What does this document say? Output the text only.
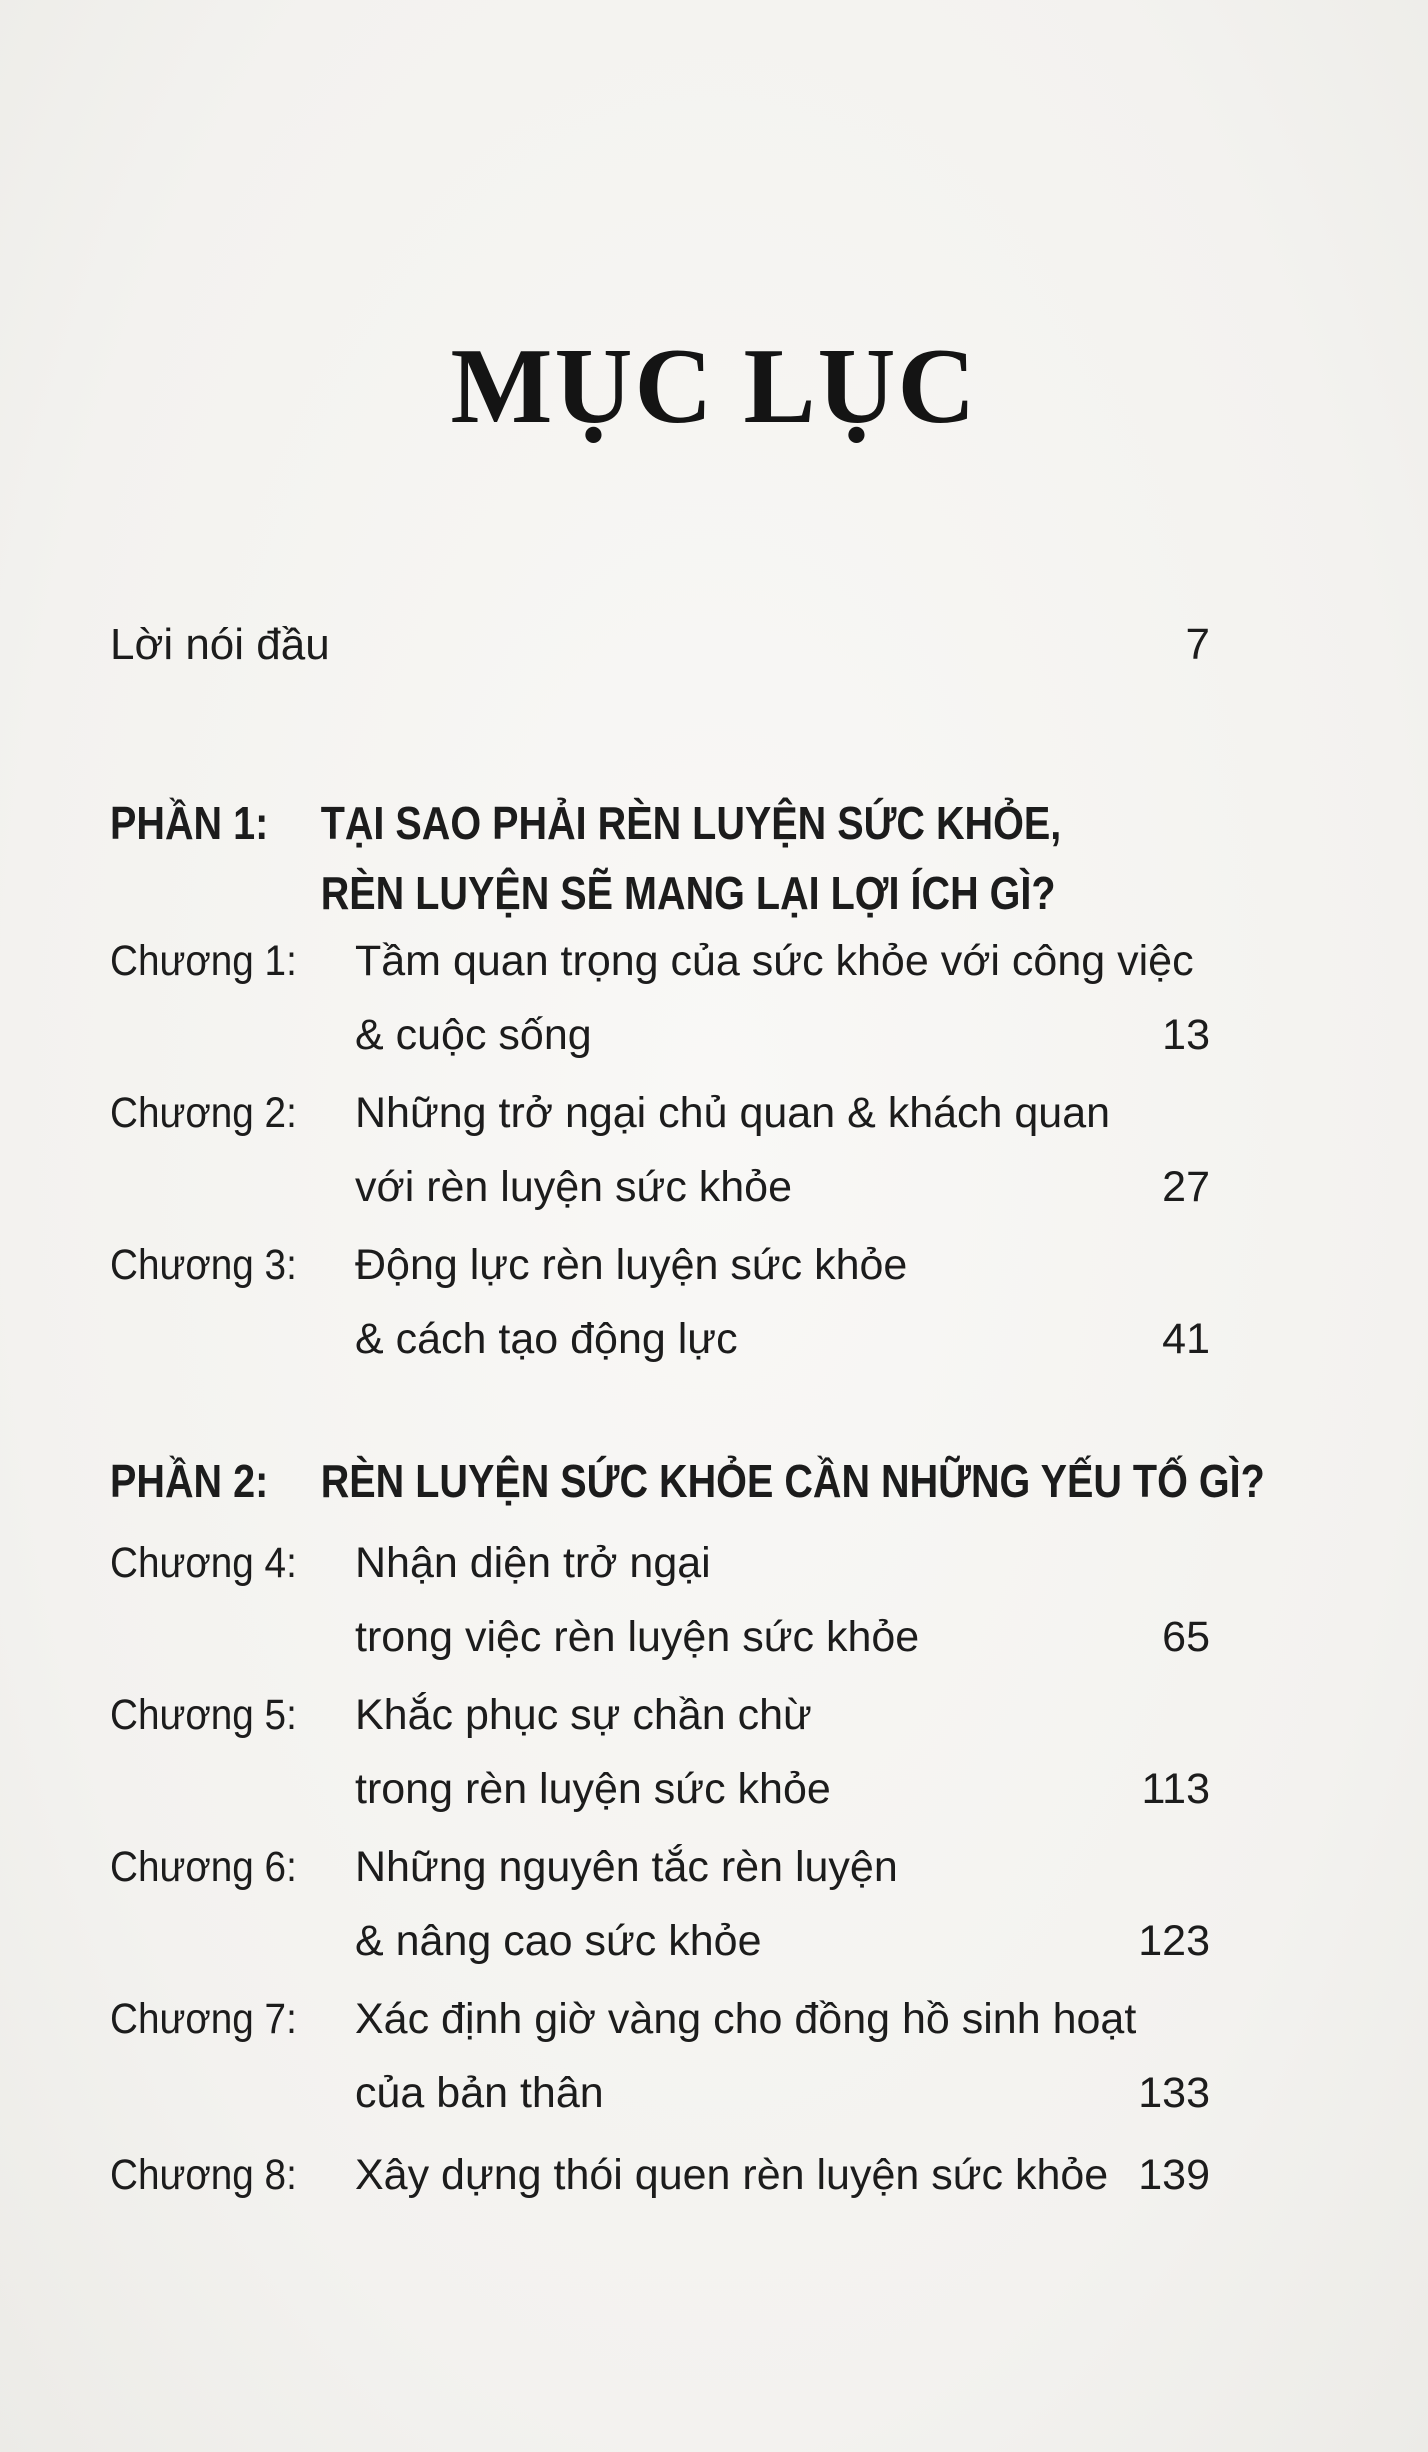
MỤC LỤC
Lời nói đầu	7
PHẦN 1: TẠI SAO PHẢI RÈN LUYỆN SỨC KHỎE,
RÈN LUYỆN SẼ MANG LẠI LỢI ÍCH GÌ?
Chương 1: Tầm quan trọng của sức khỏe với công việc
& cuộc sống	13
Chương 2: Những trở ngại chủ quan & khách quan
với rèn luyện sức khỏe	27
Chương 3: Động lực rèn luyện sức khỏe
& cách tạo động lực	41
PHẦN 2: RÈN LUYỆN SỨC KHỎE CẦN NHỮNG YẾU TỐ GÌ?
Chương 4: Nhận diện trở ngại
trong việc rèn luyện sức khỏe	65
Chương 5: Khắc phục sự chần chừ
trong rèn luyện sức khỏe	113
Chương 6: Những nguyên tắc rèn luyện
& nâng cao sức khỏe	123
Chương 7: Xác định giờ vàng cho đồng hồ sinh hoạt
của bản thân	133
Chương 8: Xây dựng thói quen rèn luyện sức khỏe 139
